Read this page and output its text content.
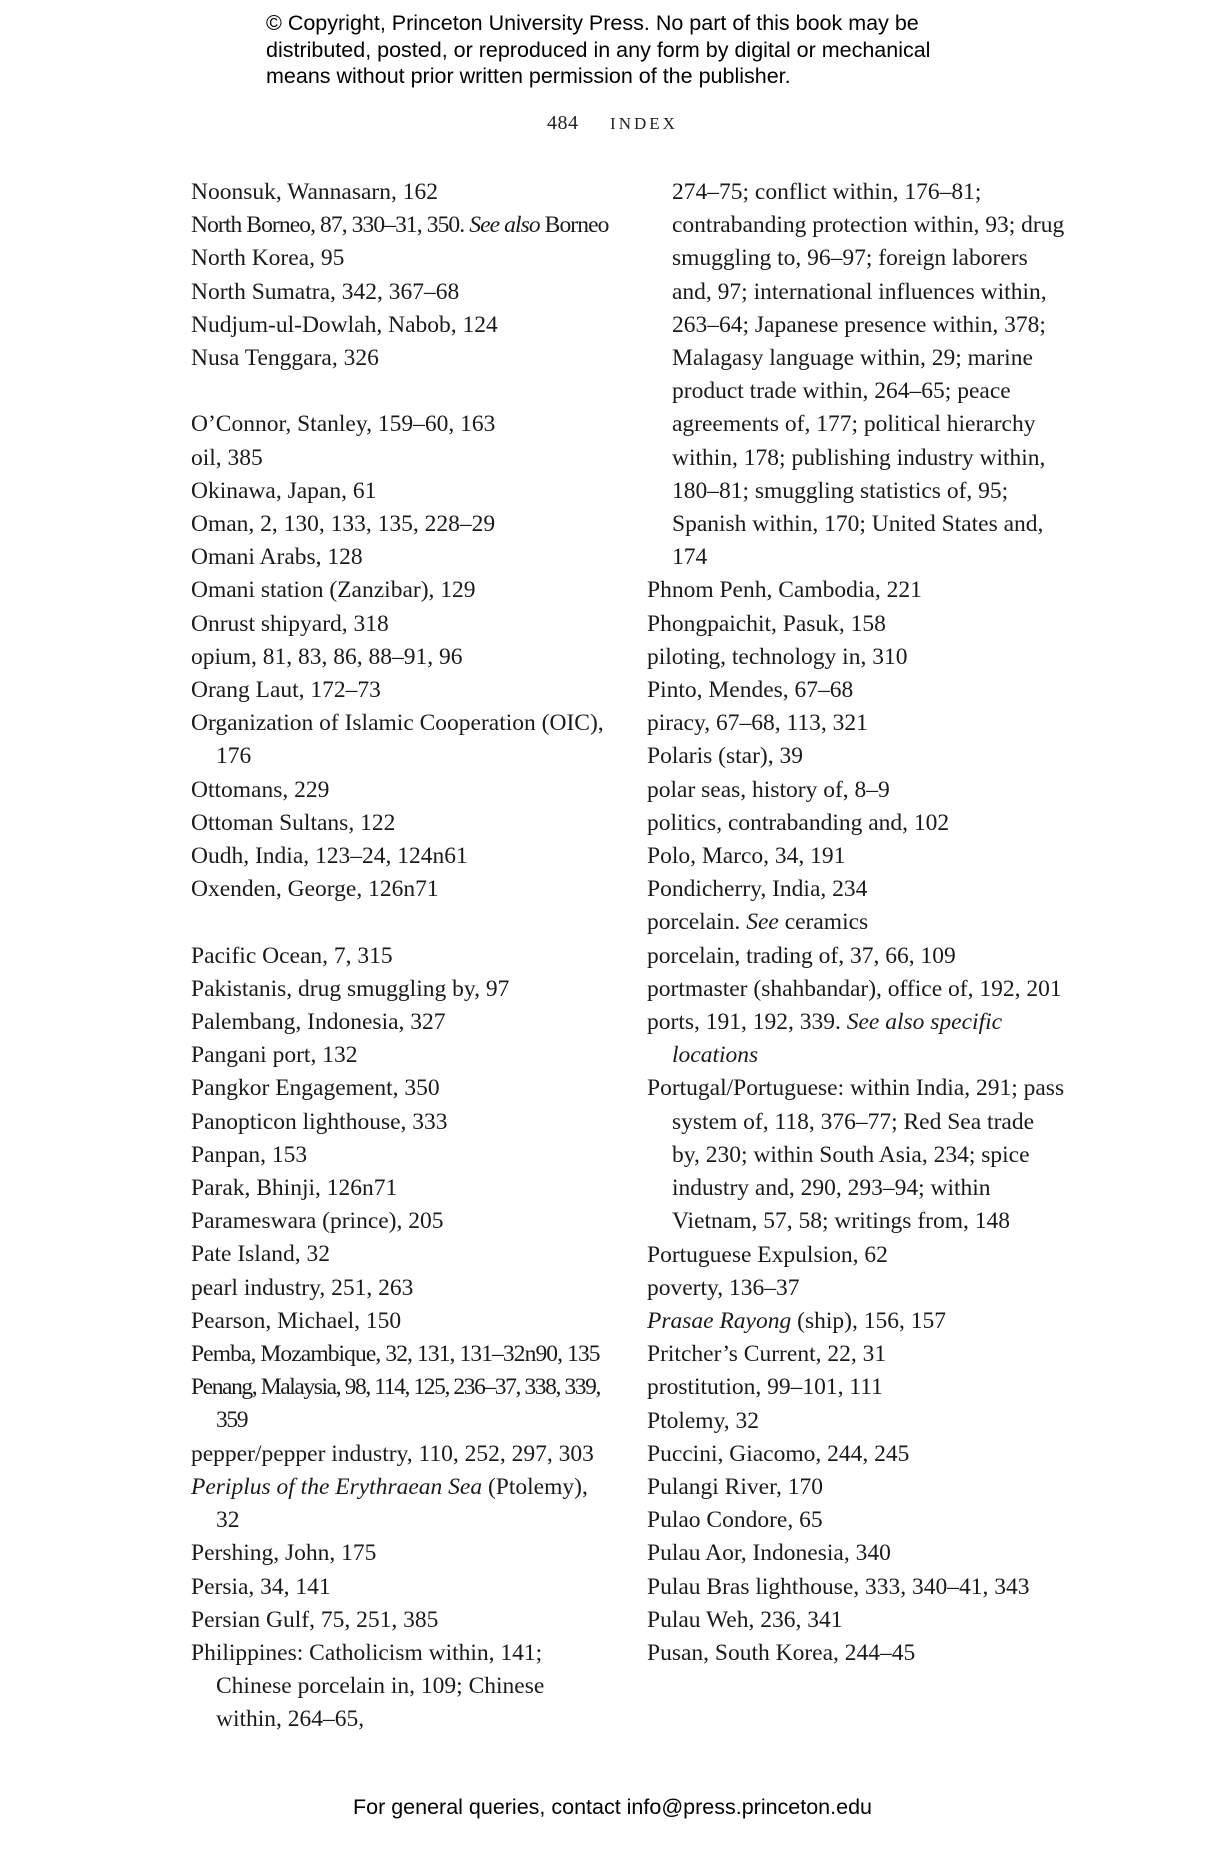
© Copyright, Princeton University Press. No part of this book may be
distributed, posted, or reproduced in any form by digital or mechanical
means without prior written permission of the publisher.
484 INDEX
Noonsuk, Wannasarn, 162
North Borneo, 87, 330–31, 350. See also Borneo
North Korea, 95
North Sumatra, 342, 367–68
Nudjum-ul-Dowlah, Nabob, 124
Nusa Tenggara, 326
O’Connor, Stanley, 159–60, 163
oil, 385
Okinawa, Japan, 61
Oman, 2, 130, 133, 135, 228–29
Omani Arabs, 128
Omani station (Zanzibar), 129
Onrust shipyard, 318
opium, 81, 83, 86, 88–91, 96
Orang Laut, 172–73
Organization of Islamic Cooperation (OIC), 176
Ottomans, 229
Ottoman Sultans, 122
Oudh, India, 123–24, 124n61
Oxenden, George, 126n71
Pacific Ocean, 7, 315
Pakistanis, drug smuggling by, 97
Palembang, Indonesia, 327
Pangani port, 132
Pangkor Engagement, 350
Panopticon lighthouse, 333
Panpan, 153
Parak, Bhinji, 126n71
Parameswara (prince), 205
Pate Island, 32
pearl industry, 251, 263
Pearson, Michael, 150
Pemba, Mozambique, 32, 131, 131–32n90, 135
Penang, Malaysia, 98, 114, 125, 236–37, 338, 339, 359
pepper/pepper industry, 110, 252, 297, 303
Periplus of the Erythraean Sea (Ptolemy), 32
Pershing, John, 175
Persia, 34, 141
Persian Gulf, 75, 251, 385
Philippines: Catholicism within, 141; Chinese porcelain in, 109; Chinese within, 264–65,
274–75; conflict within, 176–81; contrabanding protection within, 93; drug smuggling to, 96–97; foreign laborers and, 97; international influences within, 263–64; Japanese presence within, 378; Malagasy language within, 29; marine product trade within, 264–65; peace agreements of, 177; political hierarchy within, 178; publishing industry within, 180–81; smuggling statistics of, 95; Spanish within, 170; United States and, 174
Phnom Penh, Cambodia, 221
Phongpaichit, Pasuk, 158
piloting, technology in, 310
Pinto, Mendes, 67–68
piracy, 67–68, 113, 321
Polaris (star), 39
polar seas, history of, 8–9
politics, contrabanding and, 102
Polo, Marco, 34, 191
Pondicherry, India, 234
porcelain. See ceramics
porcelain, trading of, 37, 66, 109
portmaster (shahbandar), office of, 192, 201
ports, 191, 192, 339. See also specific locations
Portugal/Portuguese: within India, 291; pass system of, 118, 376–77; Red Sea trade by, 230; within South Asia, 234; spice industry and, 290, 293–94; within Vietnam, 57, 58; writings from, 148
Portuguese Expulsion, 62
poverty, 136–37
Prasae Rayong (ship), 156, 157
Pritcher’s Current, 22, 31
prostitution, 99–101, 111
Ptolemy, 32
Puccini, Giacomo, 244, 245
Pulangi River, 170
Pulao Condore, 65
Pulau Aor, Indonesia, 340
Pulau Bras lighthouse, 333, 340–41, 343
Pulau Weh, 236, 341
Pusan, South Korea, 244–45
For general queries, contact info@press.princeton.edu
